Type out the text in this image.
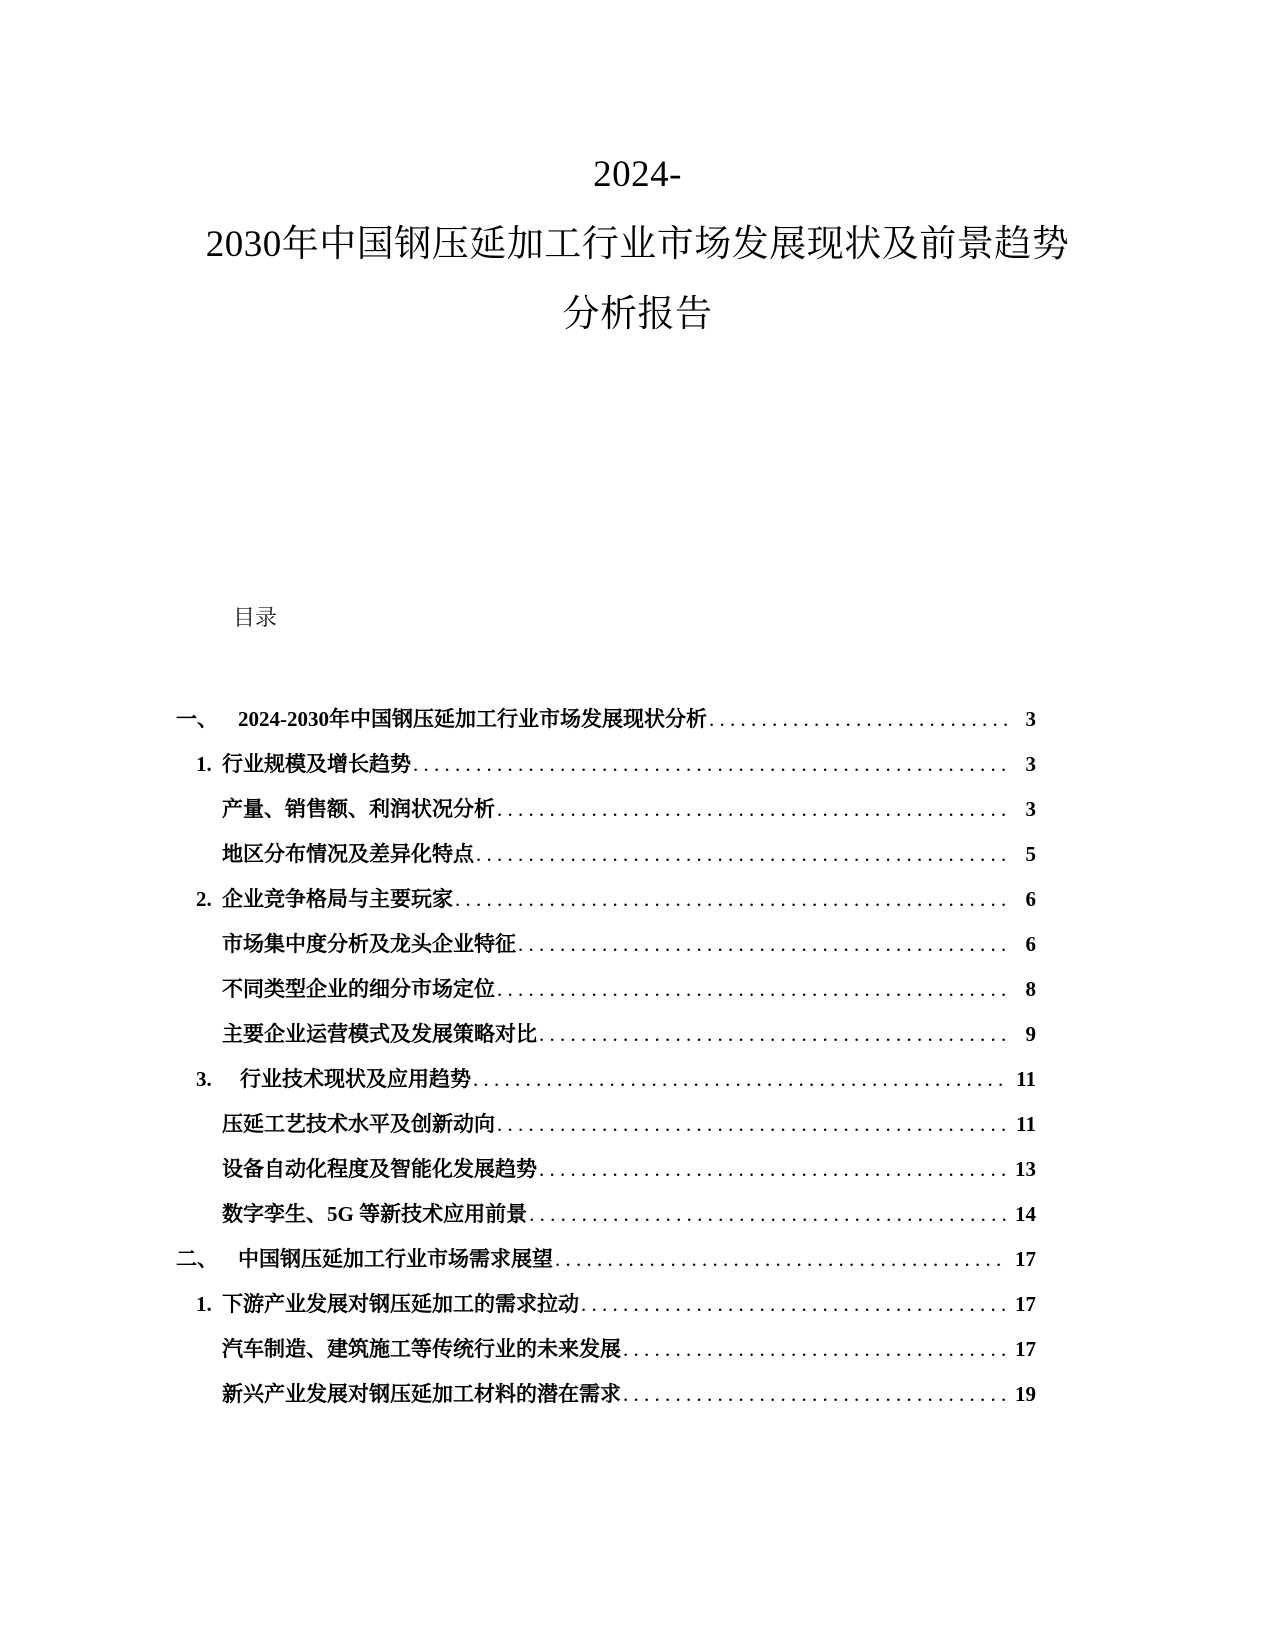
2024-
2030年中国钢压延加工行业市场发展现状及前景趋势
分析报告
目录
一、 2024-2030年中国钢压延加工行业市场发展现状分析 . . .	3
1. 行业规模及增长趋势 . . .	3
产量、销售额、利润状况分析 . . .	3
地区分布情况及差异化特点 . . .	5
2. 企业竞争格局与主要玩家 . . .	6
市场集中度分析及龙头企业特征 . . .	6
不同类型企业的细分市场定位 . . .	8
主要企业运营模式及发展策略对比 . . .	9
3.	行业技术现状及应用趋势 . . .	11
压延工艺技术水平及创新动向 . . .	11
设备自动化程度及智能化发展趋势 . . .	13
数字孪生、5G 等新技术应用前景 . . .	14
二、 中国钢压延加工行业市场需求展望 . . .	17
1. 下游产业发展对钢压延加工的需求拉动 . . .	17
汽车制造、建筑施工等传统行业的未来发展 . . .	17
新兴产业发展对钢压延加工材料的潜在需求 . . .	19
